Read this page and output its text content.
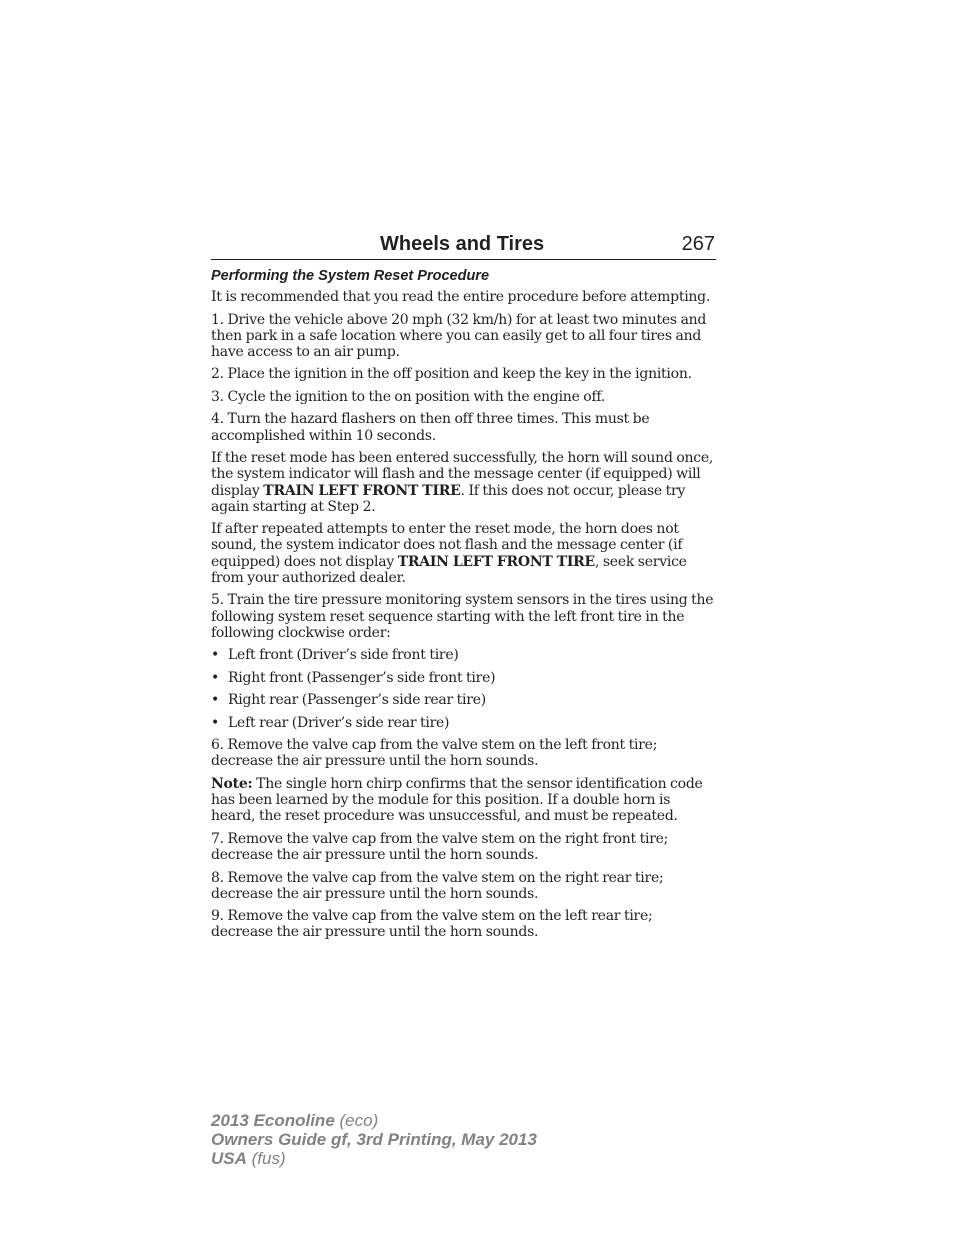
Wheels and Tires	267
Performing the System Reset Procedure
It is recommended that you read the entire procedure before attempting.
1. Drive the vehicle above 20 mph (32 km/h) for at least two minutes and then park in a safe location where you can easily get to all four tires and have access to an air pump.
2. Place the ignition in the off position and keep the key in the ignition.
3. Cycle the ignition to the on position with the engine off.
4. Turn the hazard flashers on then off three times. This must be accomplished within 10 seconds.
If the reset mode has been entered successfully, the horn will sound once, the system indicator will flash and the message center (if equipped) will display TRAIN LEFT FRONT TIRE. If this does not occur, please try again starting at Step 2.
If after repeated attempts to enter the reset mode, the horn does not sound, the system indicator does not flash and the message center (if equipped) does not display TRAIN LEFT FRONT TIRE, seek service from your authorized dealer.
5. Train the tire pressure monitoring system sensors in the tires using the following system reset sequence starting with the left front tire in the following clockwise order:
• Left front (Driver’s side front tire)
• Right front (Passenger’s side front tire)
• Right rear (Passenger’s side rear tire)
• Left rear (Driver’s side rear tire)
6. Remove the valve cap from the valve stem on the left front tire; decrease the air pressure until the horn sounds.
Note: The single horn chirp confirms that the sensor identification code has been learned by the module for this position. If a double horn is heard, the reset procedure was unsuccessful, and must be repeated.
7. Remove the valve cap from the valve stem on the right front tire; decrease the air pressure until the horn sounds.
8. Remove the valve cap from the valve stem on the right rear tire; decrease the air pressure until the horn sounds.
9. Remove the valve cap from the valve stem on the left rear tire; decrease the air pressure until the horn sounds.
2013 Econoline (eco)
Owners Guide gf, 3rd Printing, May 2013
USA (fus)
